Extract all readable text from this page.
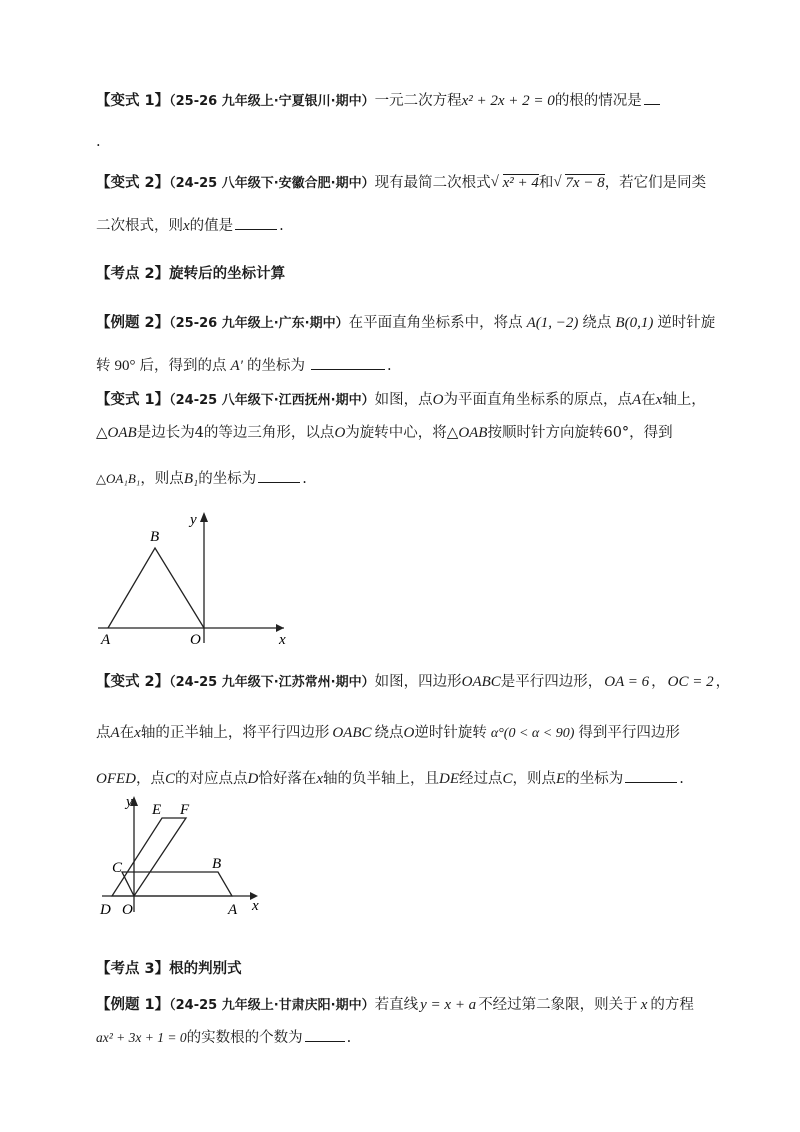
【变式 1】（25-26 九年级上·宁夏银川·期中）一元二次方程x² + 2x + 2 = 0的根的情况是
.
【变式 2】（24-25 八年级下·安徽合肥·期中）现有最简二次根式 √ x² + 4和 √ 7x − 8，若它们是同类
二次根式，则x的值是	.
【考点 2】旋转后的坐标计算
【例题 2】（25-26 九年级上·广东·期中）在平面直角坐标系中，将点 A(1, −2) 绕点 B(0,1) 逆时针旋
转 90° 后，得到的点 A′ 的坐标为	.
【变式 1】（24-25 八年级下·江西抚州·期中）如图，点O为平面直角坐标系的原点，点A在x轴上，
△OAB是边长为4的等边三角形，以点O为旋转中心，将△OAB按顺时针方向旋转60°，得到
△OA₁B₁，则点B₁的坐标为	.
B
y
A	O	x
【变式 2】（24-25 九年级下·江苏常州·期中）如图，四边形OABC是平行四边形， OA = 6 ， OC = 2 ，
点A在x轴的正半轴上，将平行四边形 OABC 绕点O逆时针旋转 α°(0 < α < 90) 得到平行四边形
OFED，点C的对应点点D恰好落在x轴的负半轴上，且DE经过点C，则点E的坐标为	.
y E F
C	B
D O	A x
【考点 3】根的判别式
【例题 1】（24-25 九年级上·甘肃庆阳·期中）若直线 y = x + a 不经过第二象限，则关于 x 的方程
ax² + 3x + 1 = 0的实数根的个数为	.
